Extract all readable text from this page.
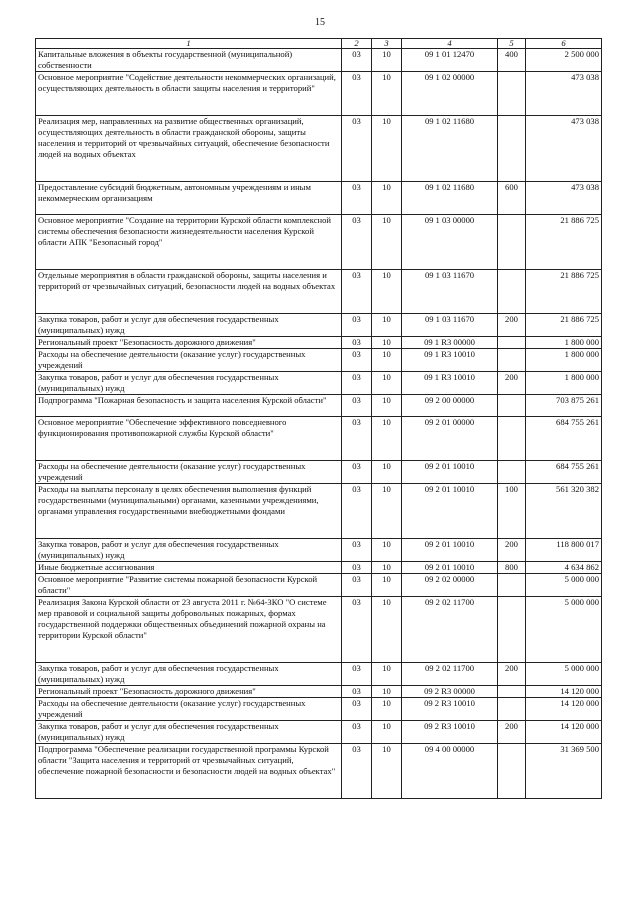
15
1	2	3	4	5	6
Капитальные вложения в объекты государственной (муниципальной) собственности	03	10	09 1 01 12470	400	2 500 000
Основное мероприятие "Содействие деятельности некоммерческих организаций, осуществляющих деятельность в области защиты населения и территорий"	03	10	09 1 02 00000		473 038
Реализация мер, направленных на развитие общественных организаций, осуществляющих деятельность в области гражданской обороны, защиты населения и территорий от чрезвычайных ситуаций, обеспечение безопасности людей на водных объектах	03	10	09 1 02 11680		473 038
Предоставление субсидий бюджетным, автономным учреждениям и иным некоммерческим организациям	03	10	09 1 02 11680	600	473 038
Основное мероприятие "Создание на территории Курской области комплексной системы обеспечения безопасности жизнедеятельности населения Курской области АПК "Безопасный город"	03	10	09 1 03 00000		21 886 725
Отдельные мероприятия в области гражданской обороны, защиты населения и территорий от чрезвычайных ситуаций, безопасности людей на водных объектах	03	10	09 1 03 11670		21 886 725
Закупка товаров, работ и услуг для обеспечения государственных (муниципальных) нужд	03	10	09 1 03 11670	200	21 886 725
Региональный проект "Безопасность дорожного движения"	03	10	09 1 R3 00000		1 800 000
Расходы на обеспечение деятельности (оказание услуг) государственных учреждений	03	10	09 1 R3 10010		1 800 000
Закупка товаров, работ и услуг для обеспечения государственных (муниципальных) нужд	03	10	09 1 R3 10010	200	1 800 000
Подпрограмма "Пожарная безопасность и защита населения Курской области"	03	10	09 2 00 00000		703 875 261
Основное мероприятие "Обеспечение эффективного повседневного функционирования противопожарной службы Курской области"	03	10	09 2 01 00000		684 755 261
Расходы на обеспечение деятельности (оказание услуг) государственных учреждений	03	10	09 2 01 10010		684 755 261
Расходы на выплаты персоналу в целях обеспечения выполнения функций государственными (муниципальными) органами, казенными учреждениями, органами управления государственными внебюджетными фондами	03	10	09 2 01 10010	100	561 320 382
Закупка товаров, работ и услуг для обеспечения государственных (муниципальных) нужд	03	10	09 2 01 10010	200	118 800 017
Иные бюджетные ассигнования	03	10	09 2 01 10010	800	4 634 862
Основное мероприятие "Развитие системы пожарной безопасности Курской области"	03	10	09 2 02 00000		5 000 000
Реализация Закона Курской области от 23 августа 2011 г. №64-ЗКО "О системе мер правовой и социальной защиты добровольных пожарных, формах государственной поддержки общественных объединений пожарной охраны на территории Курской области"	03	10	09 2 02 11700		5 000 000
Закупка товаров, работ и услуг для обеспечения государственных (муниципальных) нужд	03	10	09 2 02 11700	200	5 000 000
Региональный проект "Безопасность дорожного движения"	03	10	09 2 R3 00000		14 120 000
Расходы на обеспечение деятельности (оказание услуг) государственных учреждений	03	10	09 2 R3 10010		14 120 000
Закупка товаров, работ и услуг для обеспечения государственных (муниципальных) нужд	03	10	09 2 R3 10010	200	14 120 000
Подпрограмма "Обеспечение реализации государственной программы Курской области "Защита населения и территорий от чрезвычайных ситуаций, обеспечение пожарной безопасности и безопасности людей на водных объектах"	03	10	09 4 00 00000		31 369 500
